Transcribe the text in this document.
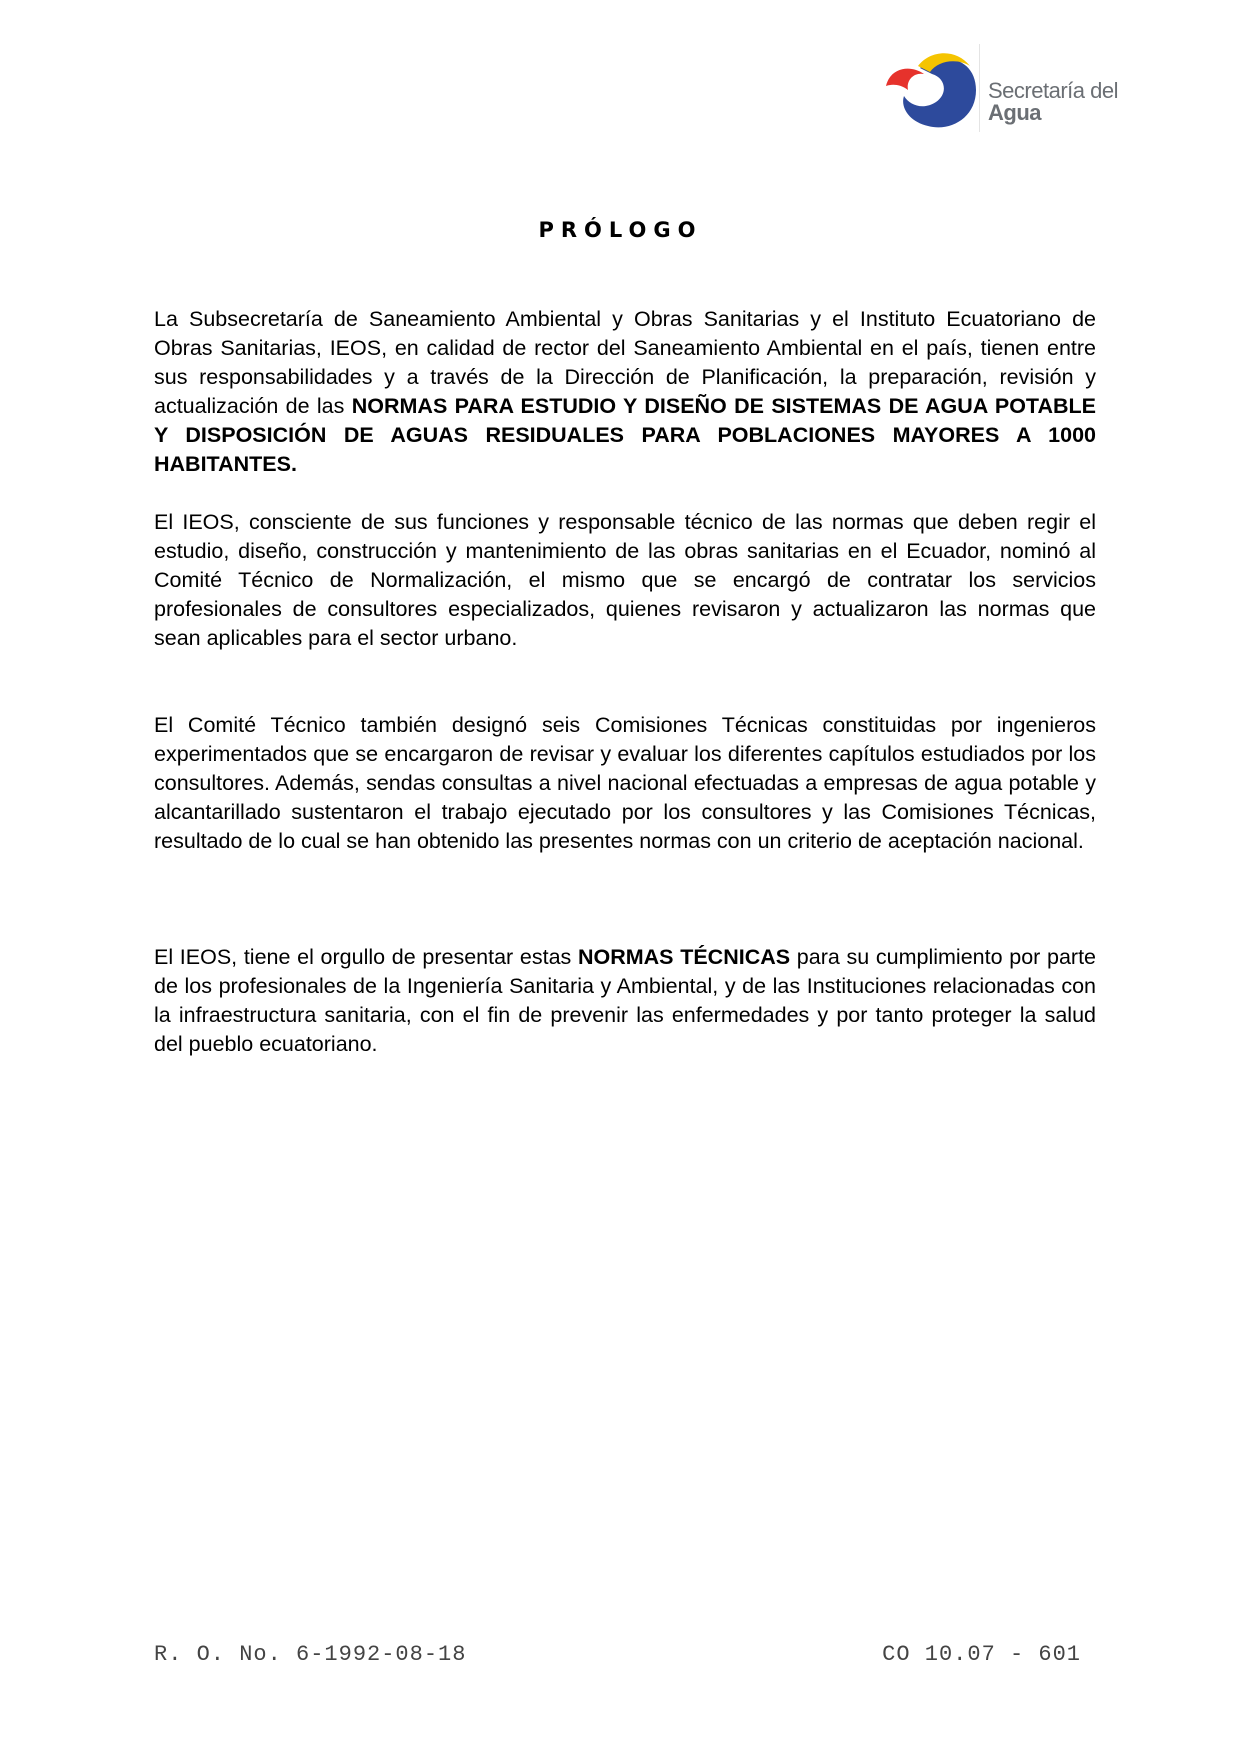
Secretaría del
Agua
PRÓLOGO

La Subsecretaría de Saneamiento Ambiental y Obras Sanitarias y el Instituto Ecuatoriano de Obras Sanitarias, IEOS, en calidad de rector del Saneamiento Ambiental en el país, tienen entre sus responsabilidades y a través de la Dirección de Planificación, la preparación, revisión y actualización de las NORMAS PARA ESTUDIO Y DISEÑO DE SISTEMAS DE AGUA POTABLE Y DISPOSICIÓN DE AGUAS RESIDUALES PARA POBLACIONES MAYORES A 1000 HABITANTES.

El IEOS, consciente de sus funciones y responsable técnico de las normas que deben regir el estudio, diseño, construcción y mantenimiento de las obras sanitarias en el Ecuador, nominó al Comité Técnico de Normalización, el mismo que se encargó de contratar los servicios profesionales de consultores especializados, quienes revisaron y actualizaron las normas que sean aplicables para el sector urbano.

El Comité Técnico también designó seis Comisiones Técnicas constituidas por ingenieros experimentados que se encargaron de revisar y evaluar los diferentes capítulos estudiados por los consultores. Además, sendas consultas a nivel nacional efectuadas a empresas de agua potable y alcantarillado sustentaron el trabajo ejecutado por los consultores y las Comisiones Técnicas, resultado de lo cual se han obtenido las presentes normas con un criterio de aceptación nacional.

El IEOS, tiene el orgullo de presentar estas NORMAS TÉCNICAS para su cumplimiento por parte de los profesionales de la Ingeniería Sanitaria y Ambiental, y de las Instituciones relacionadas con la infraestructura sanitaria, con el fin de prevenir las enfermedades y por tanto proteger la salud del pueblo ecuatoriano.

R. O. No. 6-1992-08-18	CO 10.07 - 601
